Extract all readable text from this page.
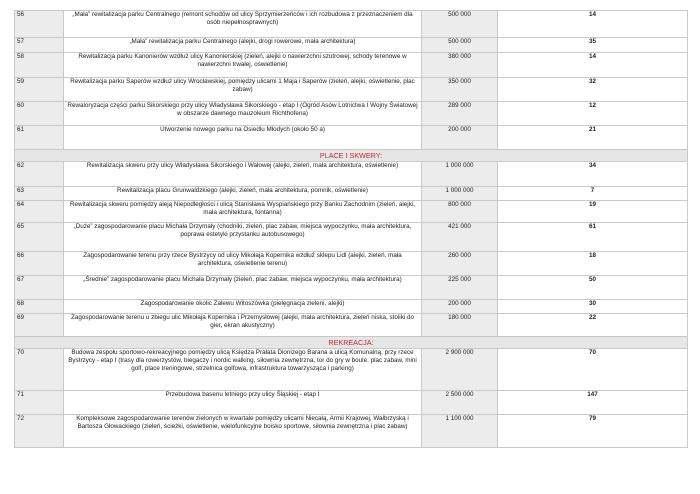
56	„Mała” rewitalizacja parku Centralnego (remont schodów od ulicy Sprzymierzeńców i ich rozbudowa z przeznaczeniem dla osób niepełnosprawnych)	500 000	14
57	„Mała” rewitalizacja parku Centralnego (alejki, drogi rowerowe, mała architektura)	500 000	35
58	Rewitalizacja parku Kanonierów wzdłuż ulicy Kanonierskiej (zieleń, alejki o nawierzchni szutrowej, schody terenowe w nawierzchni trwałej, oświetlenie)	380 000	14
59	Rewitalizacja parku Saperów wzdłuż ulicy Wrocławskiej, pomiędzy ulicami 1 Maja i Saperów (zieleń, alejki, oświetlenie, plac zabaw)	350 000	32
60	Rewaloryzacja części parku Sikorskiego przy ulicy Władysława Sikorskiego - etap I (Ogród Asów Lotnictwa I Wojny Światowej w obszarze dawnego mauzoleum Richthofena)	289 000	12
61	Utworzenie nowego parku na Osiedlu Młodych (około 50 a)	200 000	21
PLACE I SKWERY:			
62	Rewitalizacja skweru przy ulicy Władysława Sikorskiego i Wałowej (alejki, zieleń, mała architektura, oświetlenie)	1 000 000	34
63	Rewitalizacja placu Grunwaldzkiego (alejki, zieleń, mała architektura, pomnik, oświetlenie)	1 000 000	7
64	Rewitalizacja skweru pomiędzy aleją Niepodległości i ulicą Stanisława Wyspiańskiego przy Banku Zachodnim (zieleń, alejki, mała architektura, fontanna)	800 000	19
65	„Duże” zagospodarowanie placu Michała Drzymały (chodniki, zieleń, plac zabaw, miejsca wypoczynku, mała architektura, poprawa estetyki przystanku autobusowego)	421 000	61
66	Zagospodarowanie terenu przy rzece Bystrzycy od ulicy Mikołaja Kopernika wzdłuż sklepu Lidl (alejki, zieleń, mała architektura, oświetlenie terenu)	260 000	18
67	„Średnie” zagospodarowanie placu Michała Drzymały (zieleń, plac zabaw, miejsca wypoczynku, mała architektura)	225 000	50
68	Zagospodarowanie okolic Zalewu Witoszówka (pielęgnacja zieleni, alejki)	200 000	30
69	Zagospodarowanie terenu u zbiegu ulic Mikołaja Kopernika i Przemysłowej (alejki, mała architektura, zieleń niska, stoliki do gier, ekran akustyczny)	180 000	22
REKREACJA:			
70	Budowa zespołu sportowo-rekreacyjnego pomiędzy ulicą Księdza Prałata Dionizego Barana a ulicą Komunalną, przy rzece Bystrzycy - etap I (trasy dla rowerzystów, biegaczy i nordic walking, siłownia zewnętrzna, tor do gry w boule, plac zabaw, mini golf, place treningowe, strzelnica golfowa, infrastruktura towarzysząca i parking)	2 900 000	70
71	Przebudowa basenu letniego przy ulicy Śląskiej - etap I	2 500 000	147
72	Kompleksowe zagospodarowanie terenów zielonych w kwartale pomiędzy ulicami Niecałą, Armii Krajowej, Wałbrzyską i Bartosza Głowackiego (zieleń, ścieżki, oświetlenie, wielofunkcyjne boisko sportowe, siłownia zewnętrzna i plac zabaw)	1 100 000	79
